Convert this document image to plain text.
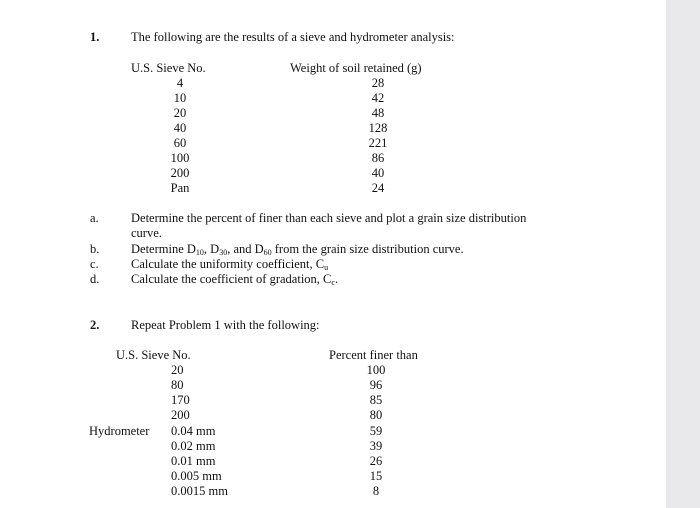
1.	The following are the results of a sieve and hydrometer analysis:
U.S. Sieve No.	Weight of soil retained (g)
4	28
10	42
20	48
40	128
60	221
100	86
200	40
Pan	24
a.	Determine the percent of finer than each sieve and plot a grain size distribution
curve.
b.	Determine $D_{10}$, $D_{30}$, and $D_{60}$ from the grain size distribution curve.
c.	Calculate the uniformity coefficient, $C_u$
d.	Calculate the coefficient of gradation, $C_c$.
2.	Repeat Problem 1 with the following:
U.S. Sieve No.	Percent finer than
20	100
80	96
170	85
200	80
Hydrometer 0.04 mm	59
0.02 mm	39
0.01 mm	26
0.005 mm	15
0.0015 mm	8
